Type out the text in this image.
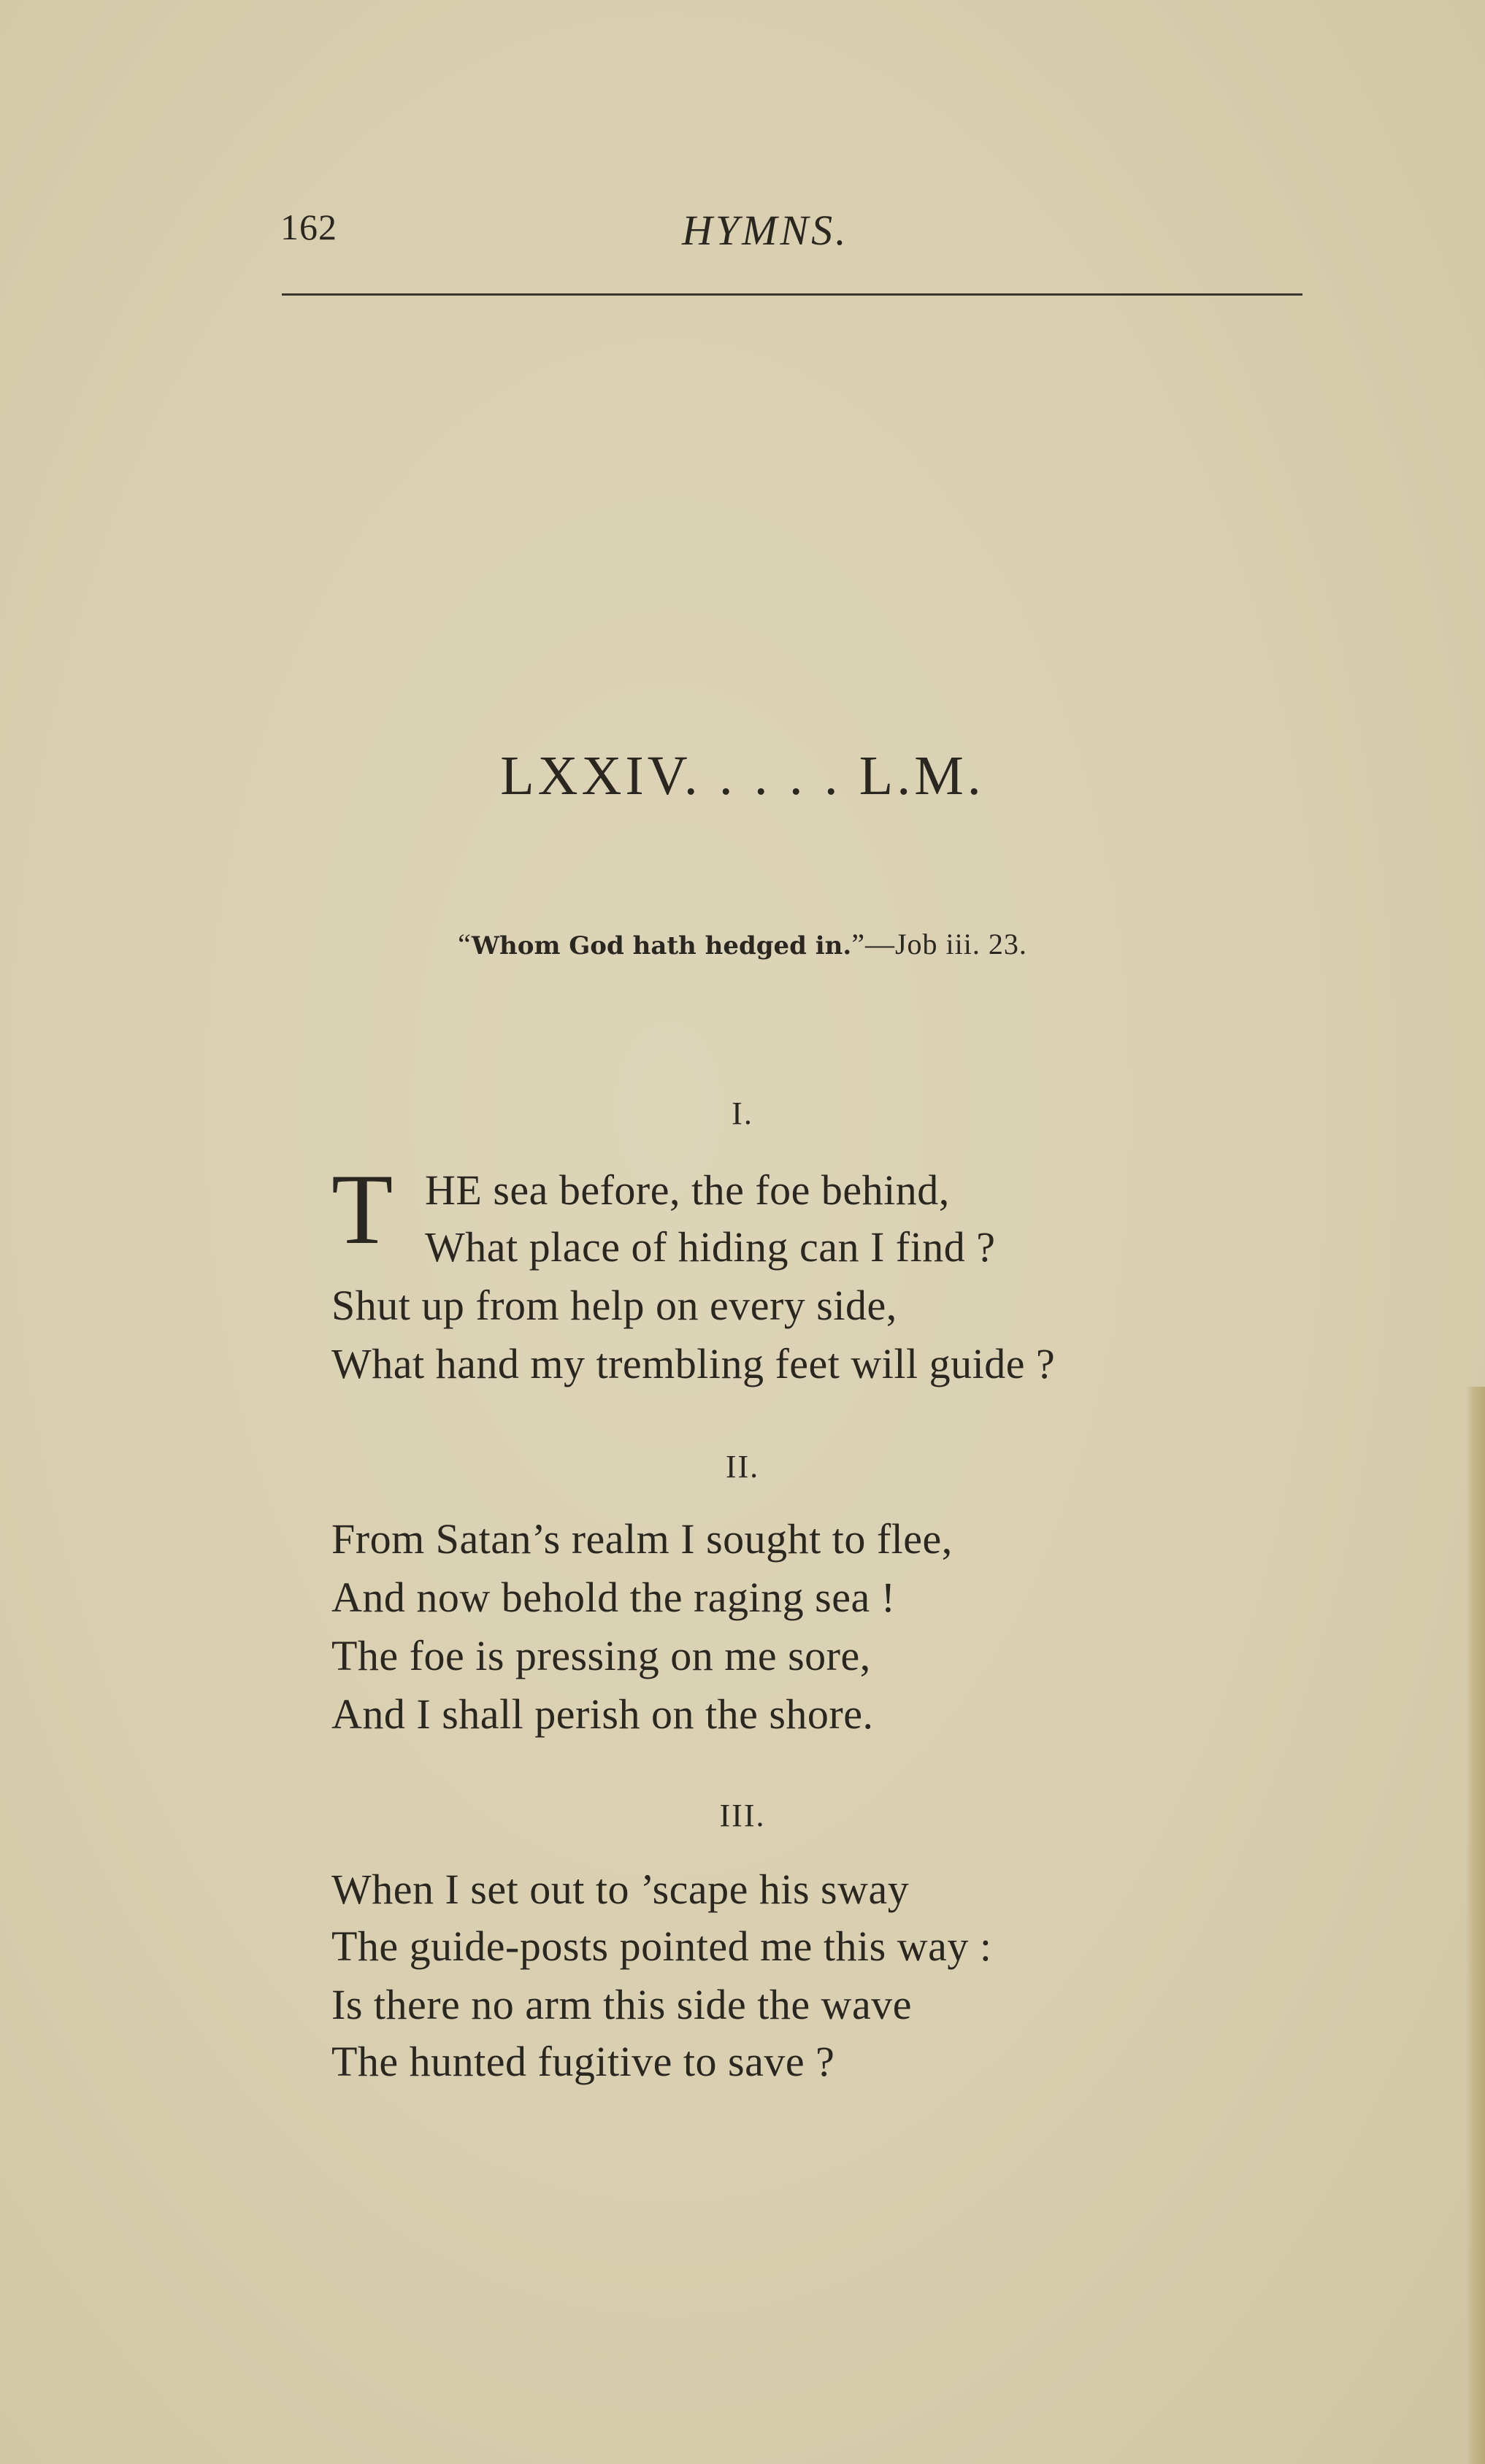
162	HYMNS.
LXXIV. . . . . L.M.
“Whom God hath hedged in.”—Job iii. 23.
I.
T HE sea before, the foe behind,
What place of hiding can I find ?
Shut up from help on every side,
What hand my trembling feet will guide ?
II.
From Satan’s realm I sought to flee,
And now behold the raging sea !
The foe is pressing on me sore,
And I shall perish on the shore.
III.
When I set out to ’scape his sway
The guide-posts pointed me this way :
Is there no arm this side the wave
The hunted fugitive to save ?
